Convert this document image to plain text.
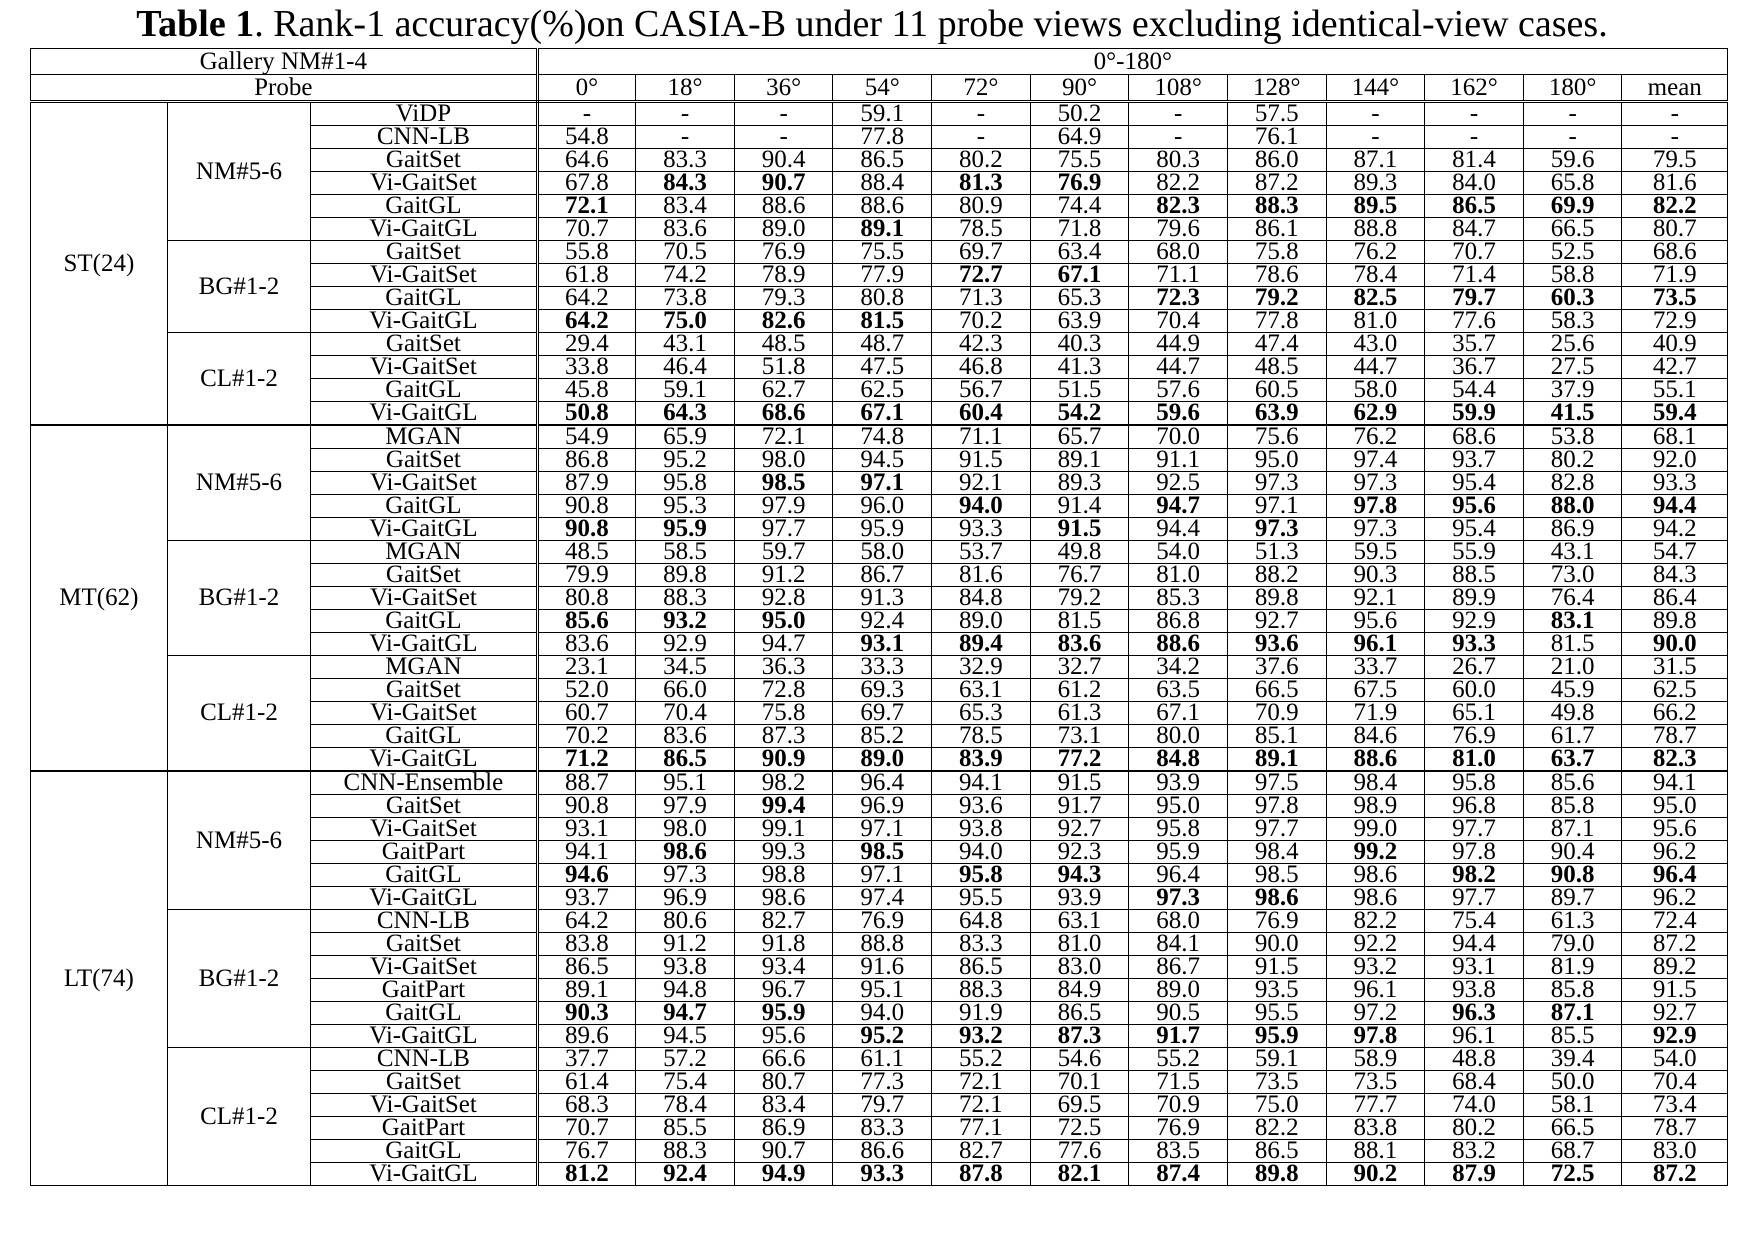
Table 1. Rank-1 accuracy(%)on CASIA-B under 11 probe views excluding identical-view cases.
Gallery NM#1-4			0°-180°											
Probe			0°	18°	36°	54°	72°	90°	108°	128°	144°	162°	180°	mean
ST(24)	NM#5-6	ViDP	-	-	-	59.1	-	50.2	-	57.5	-	-	-	-
		CNN-LB	54.8	-	-	77.8	-	64.9	-	76.1	-	-	-	-
		GaitSet	64.6	83.3	90.4	86.5	80.2	75.5	80.3	86.0	87.1	81.4	59.6	79.5
		Vi-GaitSet	67.8	84.3	90.7	88.4	81.3	76.9	82.2	87.2	89.3	84.0	65.8	81.6
		GaitGL	72.1	83.4	88.6	88.6	80.9	74.4	82.3	88.3	89.5	86.5	69.9	82.2
		Vi-GaitGL	70.7	83.6	89.0	89.1	78.5	71.8	79.6	86.1	88.8	84.7	66.5	80.7
	BG#1-2	GaitSet	55.8	70.5	76.9	75.5	69.7	63.4	68.0	75.8	76.2	70.7	52.5	68.6
		Vi-GaitSet	61.8	74.2	78.9	77.9	72.7	67.1	71.1	78.6	78.4	71.4	58.8	71.9
		GaitGL	64.2	73.8	79.3	80.8	71.3	65.3	72.3	79.2	82.5	79.7	60.3	73.5
		Vi-GaitGL	64.2	75.0	82.6	81.5	70.2	63.9	70.4	77.8	81.0	77.6	58.3	72.9
	CL#1-2	GaitSet	29.4	43.1	48.5	48.7	42.3	40.3	44.9	47.4	43.0	35.7	25.6	40.9
		Vi-GaitSet	33.8	46.4	51.8	47.5	46.8	41.3	44.7	48.5	44.7	36.7	27.5	42.7
		GaitGL	45.8	59.1	62.7	62.5	56.7	51.5	57.6	60.5	58.0	54.4	37.9	55.1
		Vi-GaitGL	50.8	64.3	68.6	67.1	60.4	54.2	59.6	63.9	62.9	59.9	41.5	59.4
MT(62)	NM#5-6	MGAN	54.9	65.9	72.1	74.8	71.1	65.7	70.0	75.6	76.2	68.6	53.8	68.1
		GaitSet	86.8	95.2	98.0	94.5	91.5	89.1	91.1	95.0	97.4	93.7	80.2	92.0
		Vi-GaitSet	87.9	95.8	98.5	97.1	92.1	89.3	92.5	97.3	97.3	95.4	82.8	93.3
		GaitGL	90.8	95.3	97.9	96.0	94.0	91.4	94.7	97.1	97.8	95.6	88.0	94.4
		Vi-GaitGL	90.8	95.9	97.7	95.9	93.3	91.5	94.4	97.3	97.3	95.4	86.9	94.2
	BG#1-2	MGAN	48.5	58.5	59.7	58.0	53.7	49.8	54.0	51.3	59.5	55.9	43.1	54.7
		GaitSet	79.9	89.8	91.2	86.7	81.6	76.7	81.0	88.2	90.3	88.5	73.0	84.3
		Vi-GaitSet	80.8	88.3	92.8	91.3	84.8	79.2	85.3	89.8	92.1	89.9	76.4	86.4
		GaitGL	85.6	93.2	95.0	92.4	89.0	81.5	86.8	92.7	95.6	92.9	83.1	89.8
		Vi-GaitGL	83.6	92.9	94.7	93.1	89.4	83.6	88.6	93.6	96.1	93.3	81.5	90.0
	CL#1-2	MGAN	23.1	34.5	36.3	33.3	32.9	32.7	34.2	37.6	33.7	26.7	21.0	31.5
		GaitSet	52.0	66.0	72.8	69.3	63.1	61.2	63.5	66.5	67.5	60.0	45.9	62.5
		Vi-GaitSet	60.7	70.4	75.8	69.7	65.3	61.3	67.1	70.9	71.9	65.1	49.8	66.2
		GaitGL	70.2	83.6	87.3	85.2	78.5	73.1	80.0	85.1	84.6	76.9	61.7	78.7
		Vi-GaitGL	71.2	86.5	90.9	89.0	83.9	77.2	84.8	89.1	88.6	81.0	63.7	82.3
LT(74)	NM#5-6	CNN-Ensemble	88.7	95.1	98.2	96.4	94.1	91.5	93.9	97.5	98.4	95.8	85.6	94.1
		GaitSet	90.8	97.9	99.4	96.9	93.6	91.7	95.0	97.8	98.9	96.8	85.8	95.0
		Vi-GaitSet	93.1	98.0	99.1	97.1	93.8	92.7	95.8	97.7	99.0	97.7	87.1	95.6
		GaitPart	94.1	98.6	99.3	98.5	94.0	92.3	95.9	98.4	99.2	97.8	90.4	96.2
		GaitGL	94.6	97.3	98.8	97.1	95.8	94.3	96.4	98.5	98.6	98.2	90.8	96.4
		Vi-GaitGL	93.7	96.9	98.6	97.4	95.5	93.9	97.3	98.6	98.6	97.7	89.7	96.2
	BG#1-2	CNN-LB	64.2	80.6	82.7	76.9	64.8	63.1	68.0	76.9	82.2	75.4	61.3	72.4
		GaitSet	83.8	91.2	91.8	88.8	83.3	81.0	84.1	90.0	92.2	94.4	79.0	87.2
		Vi-GaitSet	86.5	93.8	93.4	91.6	86.5	83.0	86.7	91.5	93.2	93.1	81.9	89.2
		GaitPart	89.1	94.8	96.7	95.1	88.3	84.9	89.0	93.5	96.1	93.8	85.8	91.5
		GaitGL	90.3	94.7	95.9	94.0	91.9	86.5	90.5	95.5	97.2	96.3	87.1	92.7
		Vi-GaitGL	89.6	94.5	95.6	95.2	93.2	87.3	91.7	95.9	97.8	96.1	85.5	92.9
	CL#1-2	CNN-LB	37.7	57.2	66.6	61.1	55.2	54.6	55.2	59.1	58.9	48.8	39.4	54.0
		GaitSet	61.4	75.4	80.7	77.3	72.1	70.1	71.5	73.5	73.5	68.4	50.0	70.4
		Vi-GaitSet	68.3	78.4	83.4	79.7	72.1	69.5	70.9	75.0	77.7	74.0	58.1	73.4
		GaitPart	70.7	85.5	86.9	83.3	77.1	72.5	76.9	82.2	83.8	80.2	66.5	78.7
		GaitGL	76.7	88.3	90.7	86.6	82.7	77.6	83.5	86.5	88.1	83.2	68.7	83.0
		Vi-GaitGL	81.2	92.4	94.9	93.3	87.8	82.1	87.4	89.8	90.2	87.9	72.5	87.2
